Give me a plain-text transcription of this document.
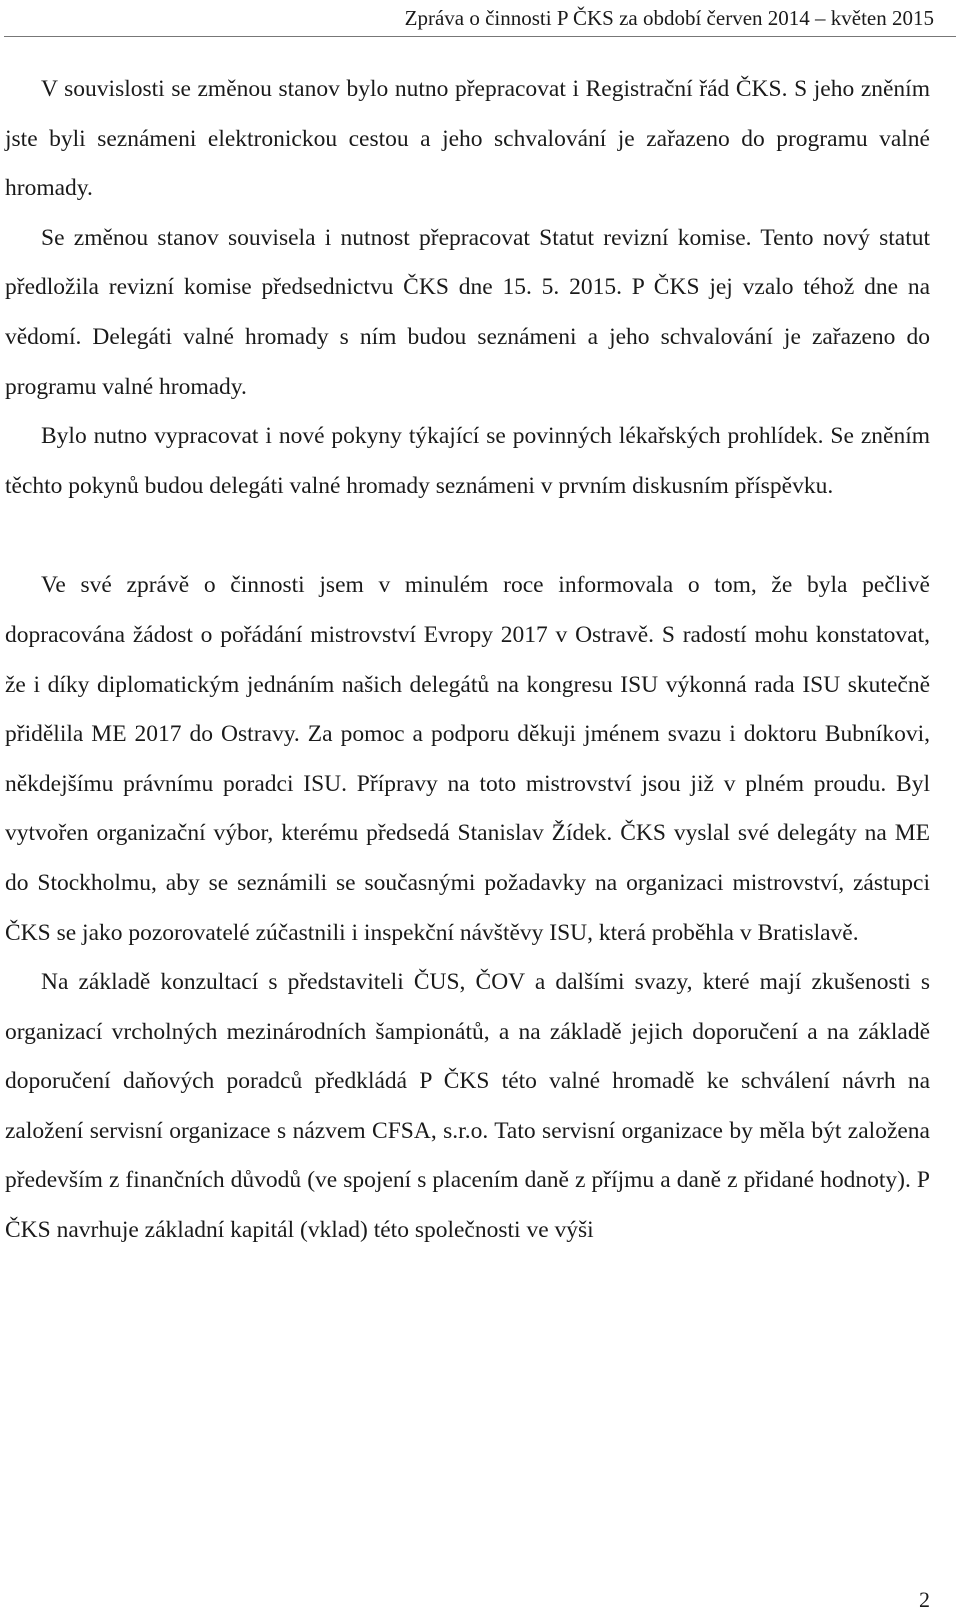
Zpráva o činnosti P ČKS za období červen 2014 – květen 2015

V souvislosti se změnou stanov bylo nutno přepracovat i Registrační řád ČKS. S jeho zněním jste byli seznámeni elektronickou cestou a jeho schvalování je zařazeno do programu valné hromady.

Se změnou stanov souvisela i nutnost přepracovat Statut revizní komise. Tento nový statut předložila revizní komise předsednictvu ČKS dne 15. 5. 2015. P ČKS jej vzalo téhož dne na vědomí. Delegáti valné hromady s ním budou seznámeni a jeho schvalování je zařazeno do programu valné hromady.

Bylo nutno vypracovat i nové pokyny týkající se povinných lékařských prohlídek. Se zněním těchto pokynů budou delegáti valné hromady seznámeni v prvním diskusním příspěvku.

Ve své zprávě o činnosti jsem v minulém roce informovala o tom, že byla pečlivě dopracována žádost o pořádání mistrovství Evropy 2017 v Ostravě. S radostí mohu konstatovat, že i díky diplomatickým jednáním našich delegátů na kongresu ISU výkonná rada ISU skutečně přidělila ME 2017 do Ostravy. Za pomoc a podporu děkuji jménem svazu i doktoru Bubníkovi, někdejšímu právnímu poradci ISU. Přípravy na toto mistrovství jsou již v plném proudu. Byl vytvořen organizační výbor, kterému předsedá Stanislav Žídek. ČKS vyslal své delegáty na ME do Stockholmu, aby se seznámili se současnými požadavky na organizaci mistrovství, zástupci ČKS se jako pozorovatelé zúčastnili i inspekční návštěvy ISU, která proběhla v Bratislavě.

Na základě konzultací s představiteli ČUS, ČOV a dalšími svazy, které mají zkušenosti s organizací vrcholných mezinárodních šampionátů, a na základě jejich doporučení a na základě doporučení daňových poradců předkládá P ČKS této valné hromadě ke schválení návrh na založení servisní organizace s názvem CFSA, s.r.o. Tato servisní organizace by měla být založena především z finančních důvodů (ve spojení s placením daně z příjmu a daně z přidané hodnoty). P ČKS navrhuje základní kapitál (vklad) této společnosti ve výši

2
